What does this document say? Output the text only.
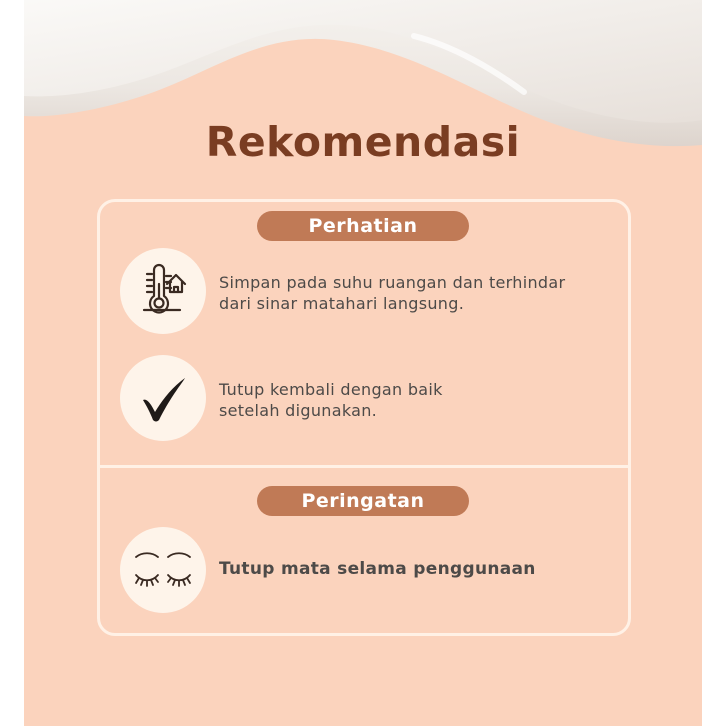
Rekomendasi
Perhatian
Simpan pada suhu ruangan dan terhindar
dari sinar matahari langsung.
Tutup kembali dengan baik
setelah digunakan.
Peringatan
Tutup mata selama penggunaan
